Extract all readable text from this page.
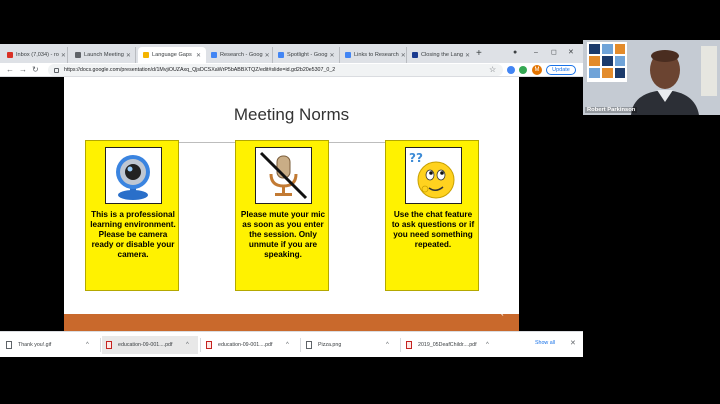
Inbox (7,034) - ro ✕	Launch Meeting ✕	Language Gaps ✕	Research - Goog ✕	Spotlight - Goog ✕	Links to Research ✕	Closing the Lang ✕ +	● – ◻ ✕
← → ↻	https://docs.google.com/presentation/d/1MvjiOUZAxq_QjsDCSXaWrP5bABBXTQZ/edit#slide=id.gd2b20e5307_0_2	☆	M	Update
Meeting Norms
This is a professional learning environment. Please be camera ready or disable your camera.
Please mute your mic as soon as you enter the session. Only unmute if you are speaking.
??
Use the chat feature to ask questions or if you need something repeated.
Thank you!.gif	^	education-09-001....pdf	^	education-09-001....pdf	^	Pizza.png	^	2019_05DeafChildr....pdf	^	Show all ✕
Robert Parkinson
↖
